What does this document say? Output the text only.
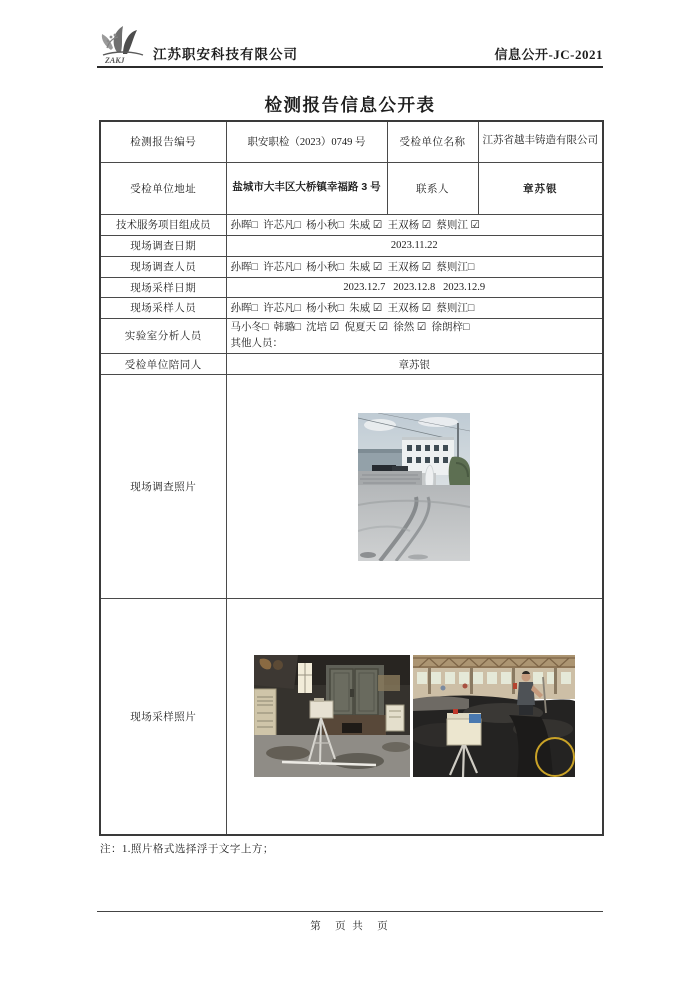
ZAKJ 江苏职安科技有限公司	信息公开-JC-2021
检测报告信息公开表
检测报告编号	职安职检（2023）0749 号	受检单位名称	江苏省越丰铸造有限公司
受检单位地址	盐城市大丰区大桥镇幸福路 3 号	联系人	章苏银
技术服务项目组成员	孙晖□  许芯凡□  杨小秋□  朱威 ☑  王双杨 ☑  蔡则江 ☑		
现场调查日期	2023.11.22		
现场调查人员	孙晖□  许芯凡□  杨小秋□  朱威 ☑  王双杨 ☑  蔡则江□		
现场采样日期	2023.12.7   2023.12.8   2023.12.9		
现场采样人员	孙晖□  许芯凡□  杨小秋□  朱威 ☑  王双杨 ☑  蔡则江□		
实验室分析人员	马小冬□  韩璐□  沈培 ☑  倪夏天 ☑  徐然 ☑  徐朗梓□
其他人员：		

受检单位陪同人	章苏银		
现场调查照片	

现场采样照片	
注：1.照片格式选择浮于文字上方；
第　页 共　页
